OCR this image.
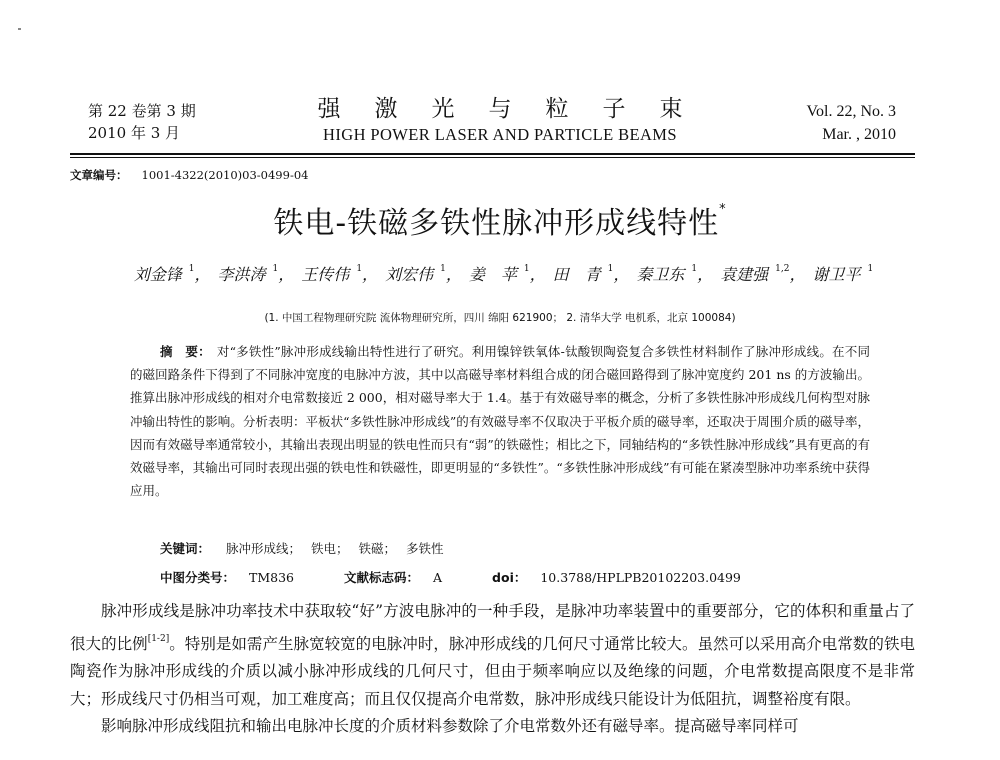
第 22 卷第 3 期
2010 年 3 月
强激光与粒子束
HIGH POWER LASER AND PARTICLE BEAMS
Vol. 22, No. 3
Mar. , 2010
文章编号： 1001-4322(2010)03-0499-04
铁电-铁磁多铁性脉冲形成线特性*
刘金锋 $^1$， 李洪涛 $^1$， 王传伟 $^1$， 刘宏伟 $^1$， 姜　苹 $^1$， 田　青 $^1$， 秦卫东 $^1$， 袁建强 $^{1,2}$， 谢卫平 $^1$
(1. 中国工程物理研究院 流体物理研究所，四川 绵阳 621900； 2. 清华大学 电机系，北京 100084)
摘　要： 对“多铁性”脉冲形成线输出特性进行了研究。利用镍锌铁氧体-钛酸钡陶瓷复合多铁性材料制作了脉冲形成线。在不同的磁回路条件下得到了不同脉冲宽度的电脉冲方波，其中以高磁导率材料组合成的闭合磁回路得到了脉冲宽度约 201 ns 的方波输出。推算出脉冲形成线的相对介电常数接近 2 000，相对磁导率大于 1.4。基于有效磁导率的概念，分析了多铁性脉冲形成线几何构型对脉冲输出特性的影响。分析表明：平板状“多铁性脉冲形成线”的有效磁导率不仅取决于平板介质的磁导率，还取决于周围介质的磁导率，因而有效磁导率通常较小，其输出表现出明显的铁电性而只有“弱”的铁磁性；相比之下，同轴结构的“多铁性脉冲形成线”具有更高的有效磁导率，其输出可同时表现出强的铁电性和铁磁性，即更明显的“多铁性”。“多铁性脉冲形成线”有可能在紧凑型脉冲功率系统中获得应用。
关键词： 脉冲形成线； 铁电； 铁磁； 多铁性
中图分类号： TM836	文献标志码： A	doi： 10.3788/HPLPB20102203.0499

脉冲形成线是脉冲功率技术中获取较“好”方波电脉冲的一种手段，是脉冲功率装置中的重要部分，它的体积和重量占了很大的比例[1-2]。特别是如需产生脉宽较宽的电脉冲时，脉冲形成线的几何尺寸通常比较大。虽然可以采用高介电常数的铁电陶瓷作为脉冲形成线的介质以减小脉冲形成线的几何尺寸，但由于频率响应以及绝缘的问题，介电常数提高限度不是非常大；形成线尺寸仍相当可观，加工难度高；而且仅仅提高介电常数，脉冲形成线只能设计为低阻抗，调整裕度有限。

影响脉冲形成线阻抗和输出电脉冲长度的介质材料参数除了介电常数外还有磁导率。提高磁导率同样可
